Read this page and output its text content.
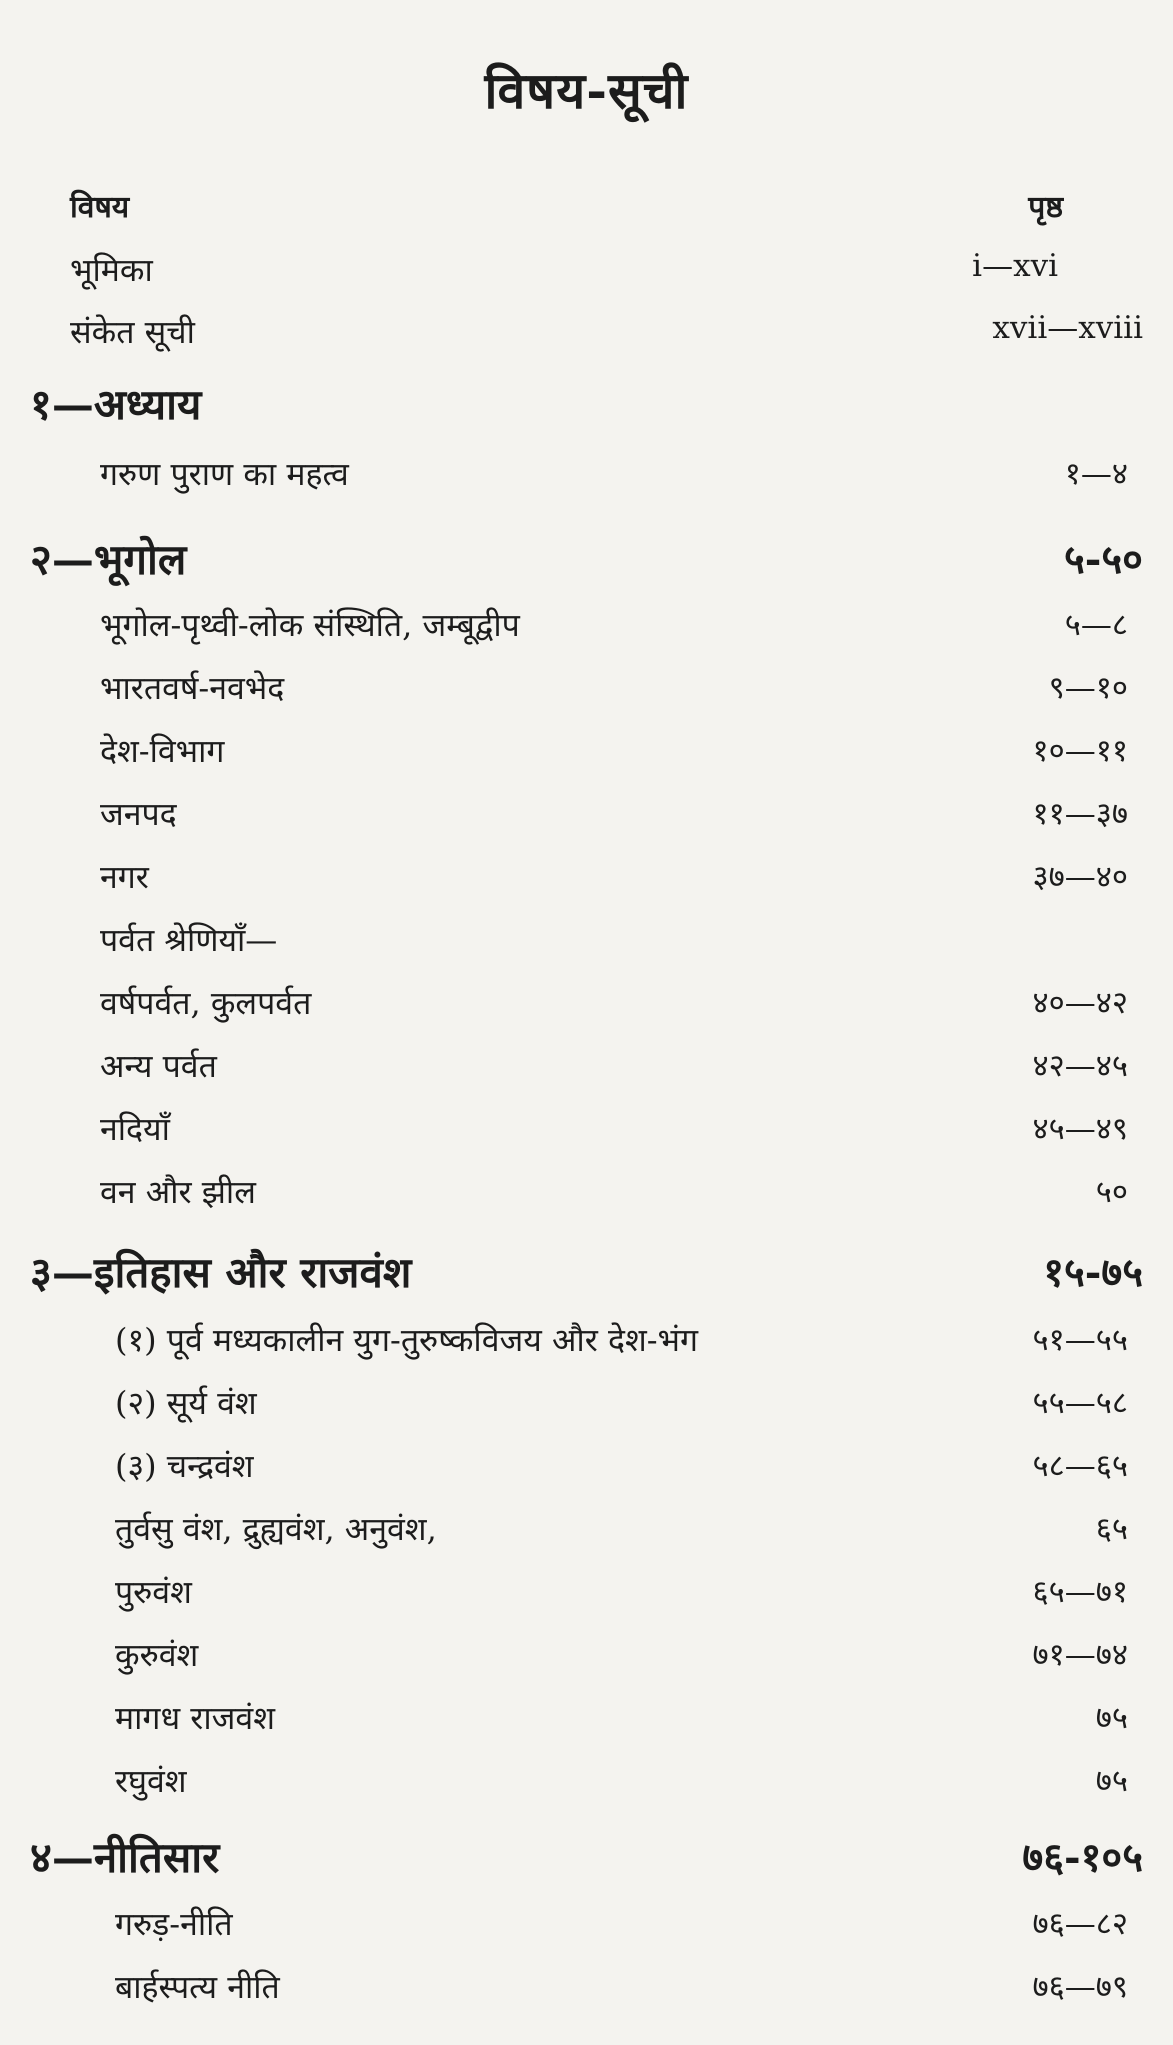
विषय-सूची
विषय	पृष्ठ
भूमिका	i—xvi
संकेत सूची	xvii—xviii
१—अध्याय
गरुण पुराण का महत्व	१—४
२—भूगोल	५-५०
भूगोल-पृथ्वी-लोक संस्थिति, जम्बूद्वीप	५—८
भारतवर्ष-नवभेद	९—१०
देश-विभाग	१०—११
जनपद	११—३७
नगर	३७—४०
पर्वत श्रेणियाँ—
वर्षपर्वत, कुलपर्वत	४०—४२
अन्य पर्वत	४२—४५
नदियाँ	४५—४९
वन और झील	५०
३—इतिहास और राजवंश	१५-७५
(१) पूर्व मध्यकालीन युग-तुरुष्कविजय और देश-भंग	५१—५५
(२) सूर्य वंश	५५—५८
(३) चन्द्रवंश	५८—६५
तुर्वसु वंश, द्रुह्यवंश, अनुवंश,	६५
पुरुवंश	६५—७१
कुरुवंश	७१—७४
मागध राजवंश	७५
रघुवंश	७५
४—नीतिसार	७६-१०५
गरुड़-नीति	७६—८२
बार्हस्पत्य नीति	७६—७९
